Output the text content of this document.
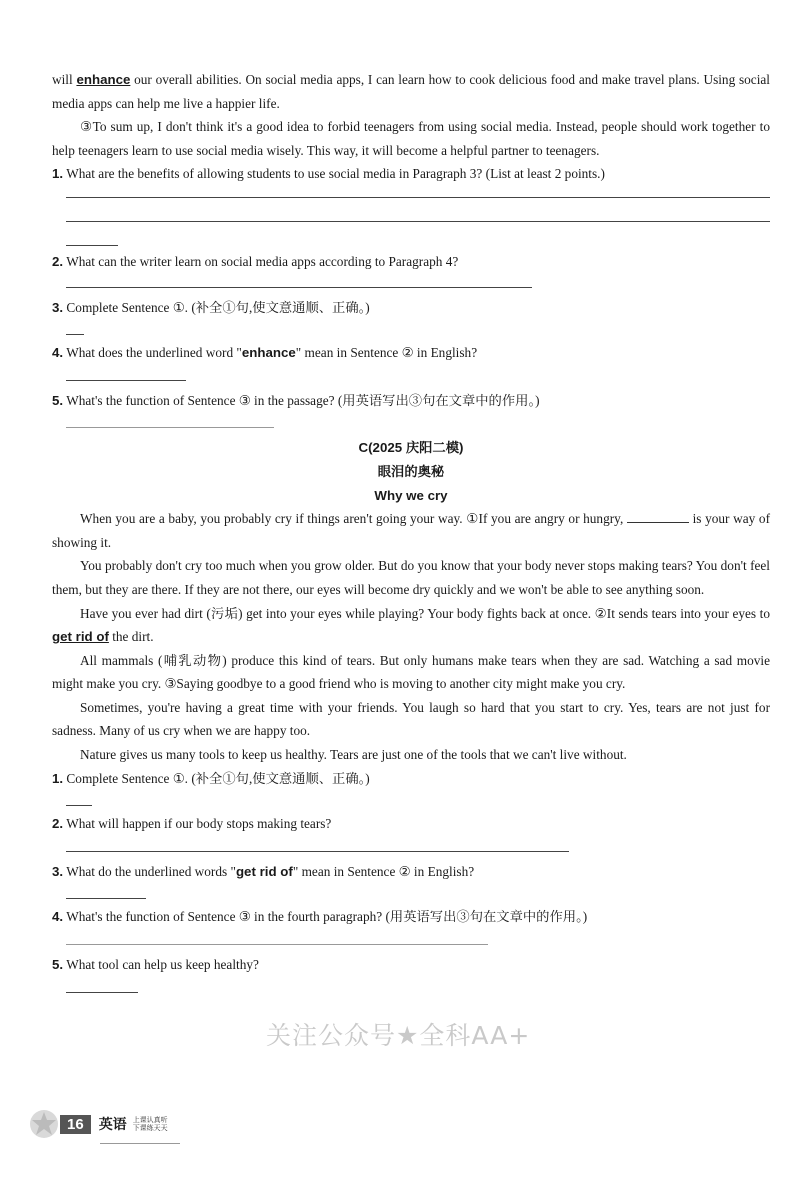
will enhance our overall abilities. On social media apps, I can learn how to cook delicious food and make travel plans. Using social media apps can help me live a happier life.

③To sum up, I don't think it's a good idea to forbid teenagers from using social media. Instead, people should work together to help teenagers learn to use social media wisely. This way, it will become a helpful partner to teenagers.

1. What are the benefits of allowing students to use social media in Paragraph 3? (List at least 2 points.)

2. What can the writer learn on social media apps according to Paragraph 4?

3. Complete Sentence ①. (补全①句,使文意通顺、正确。)

4. What does the underlined word "enhance" mean in Sentence ② in English?

5. What's the function of Sentence ③ in the passage? (用英语写出③句在文章中的作用。)

C(2025 庆阳二模)

眼泪的奥秘

Why we cry

When you are a baby, you probably cry if things aren't going your way. ①If you are angry or hungry,	is your way of showing it.

You probably don't cry too much when you grow older. But do you know that your body never stops making tears? You don't feel them, but they are there. If they are not there, our eyes will become dry quickly and we won't be able to see anything soon.

Have you ever had dirt (污垢) get into your eyes while playing? Your body fights back at once. ②It sends tears into your eyes to get rid of the dirt.

All mammals (哺乳动物) produce this kind of tears. But only humans make tears when they are sad. Watching a sad movie might make you cry. ③Saying goodbye to a good friend who is moving to another city might make you cry.

Sometimes, you're having a great time with your friends. You laugh so hard that you start to cry. Yes, tears are not just for sadness. Many of us cry when we are happy too.

Nature gives us many tools to keep us healthy. Tears are just one of the tools that we can't live without.

1. Complete Sentence ①. (补全①句,使文意通顺、正确。)

2. What will happen if our body stops making tears?

3. What do the underlined words "get rid of" mean in Sentence ② in English?

4. What's the function of Sentence ③ in the fourth paragraph? (用英语写出③句在文章中的作用。)

5. What tool can help us keep healthy?

关注公众号★全科AA+
16	英语 上课认真听
下课练天天
